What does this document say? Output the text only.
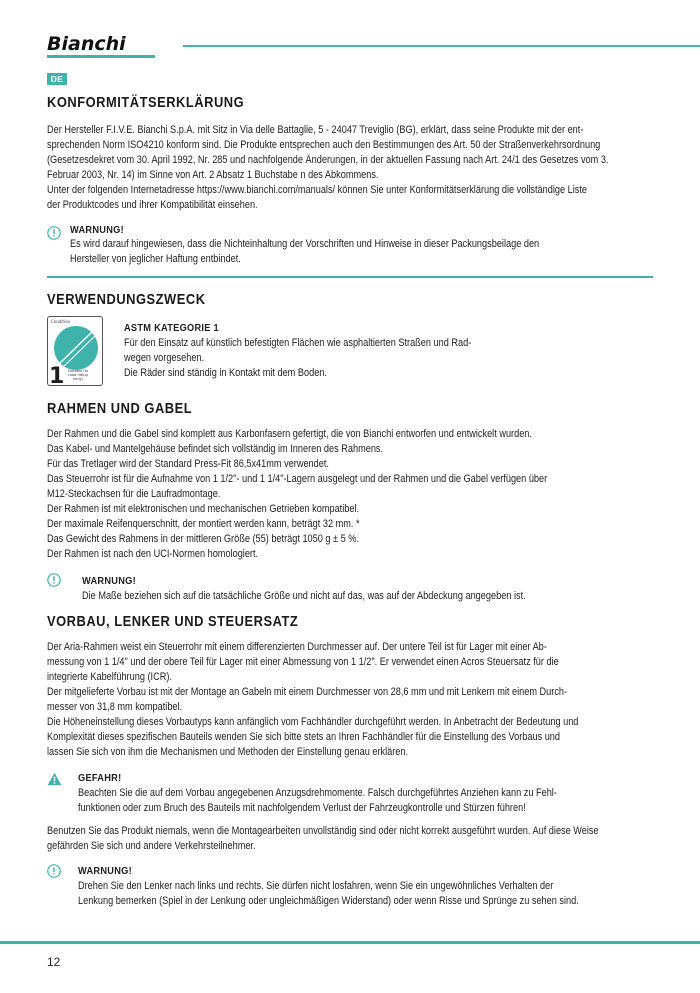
Bianchi
DE
KONFORMITÄTSERKLÄRUNG
Der Hersteller F.I.V.E. Bianchi S.p.A. mit Sitz in Via delle Battaglie, 5 - 24047 Treviglio (BG), erklärt, dass seine Produkte mit der ent-
sprechenden Norm ISO4210 konform sind. Die Produkte entsprechen auch den Bestimmungen des Art. 50 der Straßenverkehrsordnung
(Gesetzesdekret vom 30. April 1992, Nr. 285 und nachfolgende Änderungen, in der aktuellen Fassung nach Art. 24/1 des Gesetzes vom 3.
Februar 2003, Nr. 14) im Sinne von Art. 2 Absatz 1 Buchstabe n des Abkommens.
Unter der folgenden Internetadresse https://www.bianchi.com/manuals/ können Sie unter Konformitätserklärung die vollständige Liste
der Produktcodes und ihrer Kompatibilität einsehen.
WARNUNG!
Es wird darauf hingewiesen, dass die Nichteinhaltung der Vorschriften und Hinweise in dieser Packungsbeilage den
Hersteller von jeglicher Haftung entbindet.
VERWENDUNGSZWECK
Condition
1 Suitable for
road riding
(only)
ASTM KATEGORIE 1
Für den Einsatz auf künstlich befestigten Flächen wie asphaltierten Straßen und Rad-
wegen vorgesehen.
Die Räder sind ständig in Kontakt mit dem Boden.
RAHMEN UND GABEL
Der Rahmen und die Gabel sind komplett aus Karbonfasern gefertigt, die von Bianchi entworfen und entwickelt wurden.
Das Kabel- und Mantelgehäuse befindet sich vollständig im Inneren des Rahmens.
Für das Tretlager wird der Standard Press-Fit 86,5x41mm verwendet.
Das Steuerrohr ist für die Aufnahme von 1 1/2"- und 1 1/4"-Lagern ausgelegt und der Rahmen und die Gabel verfügen über
M12-Steckachsen für die Laufradmontage.
Der Rahmen ist mit elektronischen und mechanischen Getrieben kompatibel.
Der maximale Reifenquerschnitt, der montiert werden kann, beträgt 32 mm. *
Das Gewicht des Rahmens in der mittleren Größe (55) beträgt 1050 g ± 5 %.
Der Rahmen ist nach den UCI-Normen homologiert.
WARNUNG!
Die Maße beziehen sich auf die tatsächliche Größe und nicht auf das, was auf der Abdeckung angegeben ist.
VORBAU, LENKER UND STEUERSATZ
Der Aria-Rahmen weist ein Steuerrohr mit einem differenzierten Durchmesser auf. Der untere Teil ist für Lager mit einer Ab-
messung von 1 1/4" und der obere Teil für Lager mit einer Abmessung von 1 1/2". Er verwendet einen Acros Steuersatz für die
integrierte Kabelführung (ICR).
Der mitgelieferte Vorbau ist mit der Montage an Gabeln mit einem Durchmesser von 28,6 mm und mit Lenkern mit einem Durch-
messer von 31,8 mm kompatibel.
Die Höheneinstellung dieses Vorbautyps kann anfänglich vom Fachhändler durchgeführt werden. In Anbetracht der Bedeutung und
Komplexität dieses spezifischen Bauteils wenden Sie sich bitte stets an Ihren Fachhändler für die Einstellung des Vorbaus und
lassen Sie sich von ihm die Mechanismen und Methoden der Einstellung genau erklären.
GEFAHR!
Beachten Sie die auf dem Vorbau angegebenen Anzugsdrehmomente. Falsch durchgeführtes Anziehen kann zu Fehl-
funktionen oder zum Bruch des Bauteils mit nachfolgendem Verlust der Fahrzeugkontrolle und Stürzen führen!
Benutzen Sie das Produkt niemals, wenn die Montagearbeiten unvollständig sind oder nicht korrekt ausgeführt wurden. Auf diese Weise
gefährden Sie sich und andere Verkehrsteilnehmer.
WARNUNG!
Drehen Sie den Lenker nach links und rechts. Sie dürfen nicht losfahren, wenn Sie ein ungewöhnliches Verhalten der
Lenkung bemerken (Spiel in der Lenkung oder ungleichmäßigen Widerstand) oder wenn Risse und Sprünge zu sehen sind.
12
